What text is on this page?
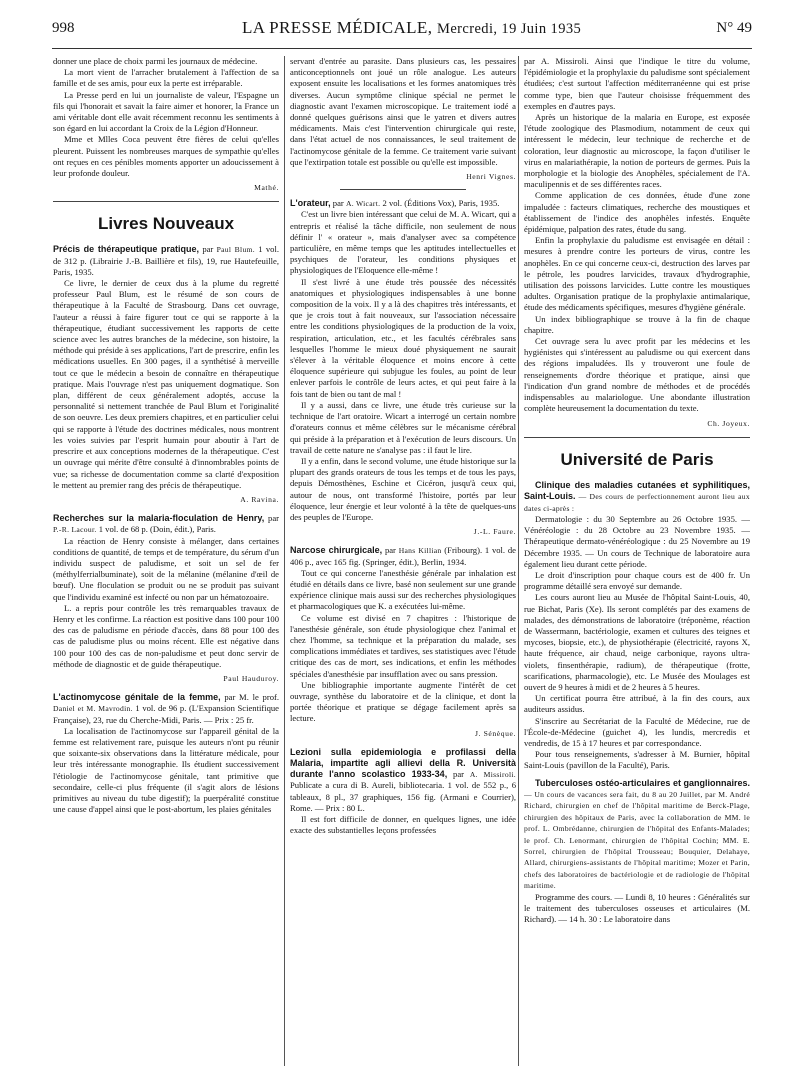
998	LA PRESSE MÉDICALE, Mercredi, 19 Juin 1935	N° 49

donner une place de choix parmi les journaux de médecine.

La mort vient de l'arracher brutalement à l'affection de sa famille et de ses amis, pour eux la perte est irréparable.

La Presse perd en lui un journaliste de valeur, l'Espagne un fils qui l'honorait et savait la faire aimer et honorer, la France un ami véritable dont elle avait récemment reconnu les sentiments à son égard en lui accordant la Croix de la Légion d'Honneur.

Mme et Mlles Coca peuvent être fières de celui qu'elles pleurent. Puissent les nombreuses marques de sympathie qu'elles ont reçues en ces pénibles moments apporter un adoucissement à leur profonde douleur.

Mathé.
Livres Nouveaux

Précis de thérapeutique pratique, par Paul Blum. 1 vol. de 312 p. (Librairie J.-B. Baillière et fils), 19, rue Hautefeuille, Paris, 1935.

Ce livre, le dernier de ceux dus à la plume du regretté professeur Paul Blum, est le résumé de son cours de thérapeutique à la Faculté de Strasbourg. Dans cet ouvrage, l'auteur a réussi à faire figurer tout ce qui se rapporte à la thérapeutique, étudiant successivement les rapports de cette science avec les autres branches de la médecine, son histoire, la méthode qui préside à ses applications, l'art de prescrire, enfin les médications usuelles. En 300 pages, il a synthétisé à merveille tout ce que le médecin a besoin de connaître en thérapeutique pratique. Mais l'ouvrage n'est pas uniquement dogmatique. Son plan, différent de ceux généralement adoptés, accuse la personnalité si nettement tranchée de Paul Blum et l'originalité de son oeuvre. Les deux premiers chapitres, et en particulier celui qui se rapporte à l'étude des doctrines médicales, nous montrent les voies suivies par l'esprit humain pour aboutir à l'art de prescrire et aux conceptions modernes de la thérapeutique. C'est un ouvrage qui mérite d'être consulté à d'innombrables points de vue; sa richesse de documentation comme sa clarté d'exposition le mettent au premier rang des précis de thérapeutique.

A. Ravina.

Recherches sur la malaria-floculation de Henry, par P.-R. Lacour. 1 vol. de 68 p. (Doin, édit.), Paris.

La réaction de Henry consiste à mélanger, dans certaines conditions de quantité, de temps et de température, du sérum d'un individu suspect de paludisme, et soit un sel de fer (méthylferrialbuminate), soit de la mélanine (mélanine d'œil de bœuf). Une floculation se produit ou ne se produit pas suivant que l'individu examiné est infecté ou non par un hématozoaire.

L. a repris pour contrôle les très remarquables travaux de Henry et les confirme. La réaction est positive dans 100 pour 100 des cas de paludisme en période d'accès, dans 88 pour 100 des cas de paludisme plus ou moins récent. Elle est négative dans 100 pour 100 des cas de non-paludisme et peut donc servir de méthode de diagnostic et de guide thérapeutique.

Paul Hauduroy.

L'actinomycose génitale de la femme, par M. le prof. Daniel et M. Mavrodin. 1 vol. de 96 p. (L'Expansion Scientifique Française), 23, rue du Cherche-Midi, Paris. — Prix : 25 fr.

La localisation de l'actinomycose sur l'appareil génital de la femme est relativement rare, puisque les auteurs n'ont pu réunir que soixante-six observations dans la littérature médicale, pour leur très intéressante monographie. Ils étudient successivement l'étiologie de l'actinomycose génitale, tant primitive que secondaire, celle-ci plus fréquente (il s'agit alors de lésions primitives au niveau du tube digestif); la puerpéralité constitue une cause d'appel ainsi que le post-abortum, les plaies génitales

servant d'entrée au parasite. Dans plusieurs cas, les pessaires anticonceptionnels ont joué un rôle analogue. Les auteurs exposent ensuite les localisations et les formes anatomiques très diverses. Aucun symptôme clinique spécial ne permet le diagnostic avant l'examen microscopique. Le traitement iodé a donné quelques guérisons ainsi que le yatren et divers autres médicaments. Mais c'est l'intervention chirurgicale qui reste, dans l'état actuel de nos connaissances, le seul traitement de l'actinomycose génitale de la femme. Ce traitement varie suivant que l'extirpation totale est possible ou qu'elle est impossible.

Henri Vignes.

L'orateur, par A. Wicart. 2 vol. (Éditions Vox), Paris, 1935.

C'est un livre bien intéressant que celui de M. A. Wicart, qui a entrepris et réalisé la tâche difficile, non seulement de nous définir l' « orateur », mais d'analyser avec sa compétence particulière, en même temps que les aptitudes intellectuelles et psychiques de l'orateur, les conditions physiques et physiologiques de l'Eloquence elle-même !

Il s'est livré à une étude très poussée des nécessités anatomiques et physiologiques indispensables à une bonne composition de la voix. Il y a là des chapitres très intéressants, et que je crois tout à fait nouveaux, sur l'association nécessaire entre les conditions physiologiques de la production de la voix, respiration, articulation, etc., et les facultés cérébrales sans lesquelles l'homme le mieux doué physiquement ne saurait s'élever à la véritable éloquence et moins encore à cette éloquence supérieure qui subjugue les foules, au point de leur enlever parfois le contrôle de leurs actes, et qui peut faire à la fois tant de bien ou tant de mal !

Il y a aussi, dans ce livre, une étude très curieuse sur la technique de l'art oratoire. Wicart a interrogé un certain nombre d'orateurs connus et même célèbres sur le mécanisme cérébral qui préside à la préparation et à l'exécution de leurs discours. Un travail de cette nature ne s'analyse pas : il faut le lire.

Il y a enfin, dans le second volume, une étude historique sur la plupart des grands orateurs de tous les temps et de tous les pays, depuis Démosthènes, Eschine et Cicéron, jusqu'à ceux qui, autour de nous, ont transformé l'histoire, portés par leur éloquence, leur énergie et leur volonté à la tête de quelques-uns des peuples de l'Europe.

J.-L. Faure.

Narcose chirurgicale, par Hans Killian (Fribourg). 1 vol. de 406 p., avec 165 fig. (Springer, édit.), Berlin, 1934.

Tout ce qui concerne l'anesthésie générale par inhalation est étudié en détails dans ce livre, basé non seulement sur une grande expérience clinique mais aussi sur des recherches physiologiques et pharmacologiques que K. a exécutées lui-même.

Ce volume est divisé en 7 chapitres : l'historique de l'anesthésie générale, son étude physiologique chez l'animal et chez l'homme, sa technique et la préparation du malade, ses complications immédiates et tardives, ses statistiques avec l'étude critique des cas de mort, ses indications, et enfin les méthodes spéciales d'anesthésie par insufflation avec ou sans pression.

Une bibliographie importante augmente l'intérêt de cet ouvrage, synthèse du laboratoire et de la clinique, et dont la portée théorique et pratique se dégage facilement après sa lecture.

J. Sénèque.

Lezioni sulla epidemiologia e profilassi della Malaria, impartite agli allievi della R. Università durante l'anno scolastico 1933-34, par A. Missiroli. Publicate a cura di B. Aureli, bibliotecaria. 1 vol. de 552 p., 6 tableaux, 8 pl., 37 graphiques, 156 fig. (Armani e Courrier), Rome. — Prix : 80 L.

Il est fort difficile de donner, en quelques lignes, une idée exacte des substantielles leçons professées

par A. Missiroli. Ainsi que l'indique le titre du volume, l'épidémiologie et la prophylaxie du paludisme sont spécialement étudiées; c'est surtout l'affection méditerranéenne qui est prise comme type, bien que l'auteur choisisse fréquemment des exemples en d'autres pays.

Après un historique de la malaria en Europe, est exposée l'étude zoologique des Plasmodium, notamment de ceux qui intéressent le médecin, leur technique de recherche et de coloration, leur diagnostic au microscope, la façon d'utiliser le virus en malariathérapie, la notion de porteurs de germes. Puis la morphologie et la biologie des Anophèles, spécialement de l'A. maculipennis et de ses différentes races.

Comme application de ces données, étude d'une zone impaludée : facteurs climatiques, recherche des moustiques et établissement de l'indice des anophèles infestés. Enquête épidémique, palpation des rates, étude du sang.

Enfin la prophylaxie du paludisme est envisagée en détail : mesures à prendre contre les porteurs de virus, contre les anophèles. En ce qui concerne ceux-ci, destruction des larves par le pétrole, les poudres larvicides, travaux d'hydrographie, utilisation des poissons larvicides. Lutte contre les moustiques adultes. Organisation pratique de la prophylaxie antimalarique, étude des médicaments spécifiques, mesures d'hygiène générale.

Un index bibliographique se trouve à la fin de chaque chapitre.

Cet ouvrage sera lu avec profit par les médecins et les hygiénistes qui s'intéressent au paludisme ou qui exercent dans des régions impaludées. Ils y trouveront une foule de renseignements d'ordre théorique et pratique, ainsi que l'indication d'un grand nombre de méthodes et de procédés indispensables au malariologue. Une abondante illustration complète heureusement la documentation du texte.

Ch. Joyeux.
Université de Paris

Clinique des maladies cutanées et syphilitiques, Saint-Louis. — Des cours de perfectionnement auront lieu aux dates ci-après :

Dermatologie : du 30 Septembre au 26 Octobre 1935. — Vénéréologie : du 28 Octobre au 23 Novembre 1935. — Thérapeutique dermato-vénéréologique : du 25 Novembre au 19 Décembre 1935. — Un cours de Technique de laboratoire aura également lieu durant cette période.

Le droit d'inscription pour chaque cours est de 400 fr. Un programme détaillé sera envoyé sur demande.

Les cours auront lieu au Musée de l'hôpital Saint-Louis, 40, rue Bichat, Paris (Xe). Ils seront complétés par des examens de malades, des démonstrations de laboratoire (tréponème, réaction de Wassermann, bactériologie, examen et cultures des teignes et mycoses, biopsie, etc.), de physiothérapie (électricité, rayons X, haute fréquence, air chaud, neige carbonique, rayons ultra-violets, finsenthérapie, radium), de thérapeutique (frotte, scarifications, pharmacologie), etc. Le Musée des Moulages est ouvert de 9 heures à midi et de 2 heures à 5 heures.

Un certificat pourra être attribué, à la fin des cours, aux auditeurs assidus.

S'inscrire au Secrétariat de la Faculté de Médecine, rue de l'École-de-Médecine (guichet 4), les lundis, mercredis et vendredis, de 15 à 17 heures et par correspondance.

Pour tous renseignements, s'adresser à M. Burnier, hôpital Saint-Louis (pavillon de la Faculté), Paris.

Tuberculoses ostéo-articulaires et ganglionnaires. — Un cours de vacances sera fait, du 8 au 20 Juillet, par M. André Richard, chirurgien en chef de l'hôpital maritime de Berck-Plage, chirurgien des hôpitaux de Paris, avec la collaboration de MM. le prof. L. Ombrédanne, chirurgien de l'hôpital des Enfants-Malades; le prof. Ch. Lenormant, chirurgien de l'hôpital Cochin; MM. E. Sorrel, chirurgien de l'hôpital Trousseau; Bouquier, Delahaye, Allard, chirurgiens-assistants de l'hôpital maritime; Mozer et Parin, chefs des laboratoires de bactériologie et de radiologie de l'hôpital maritime.

Programme des cours. — Lundi 8, 10 heures : Généralités sur le traitement des tuberculoses osseuses et articulaires (M. Richard). — 14 h. 30 : Le laboratoire dans
